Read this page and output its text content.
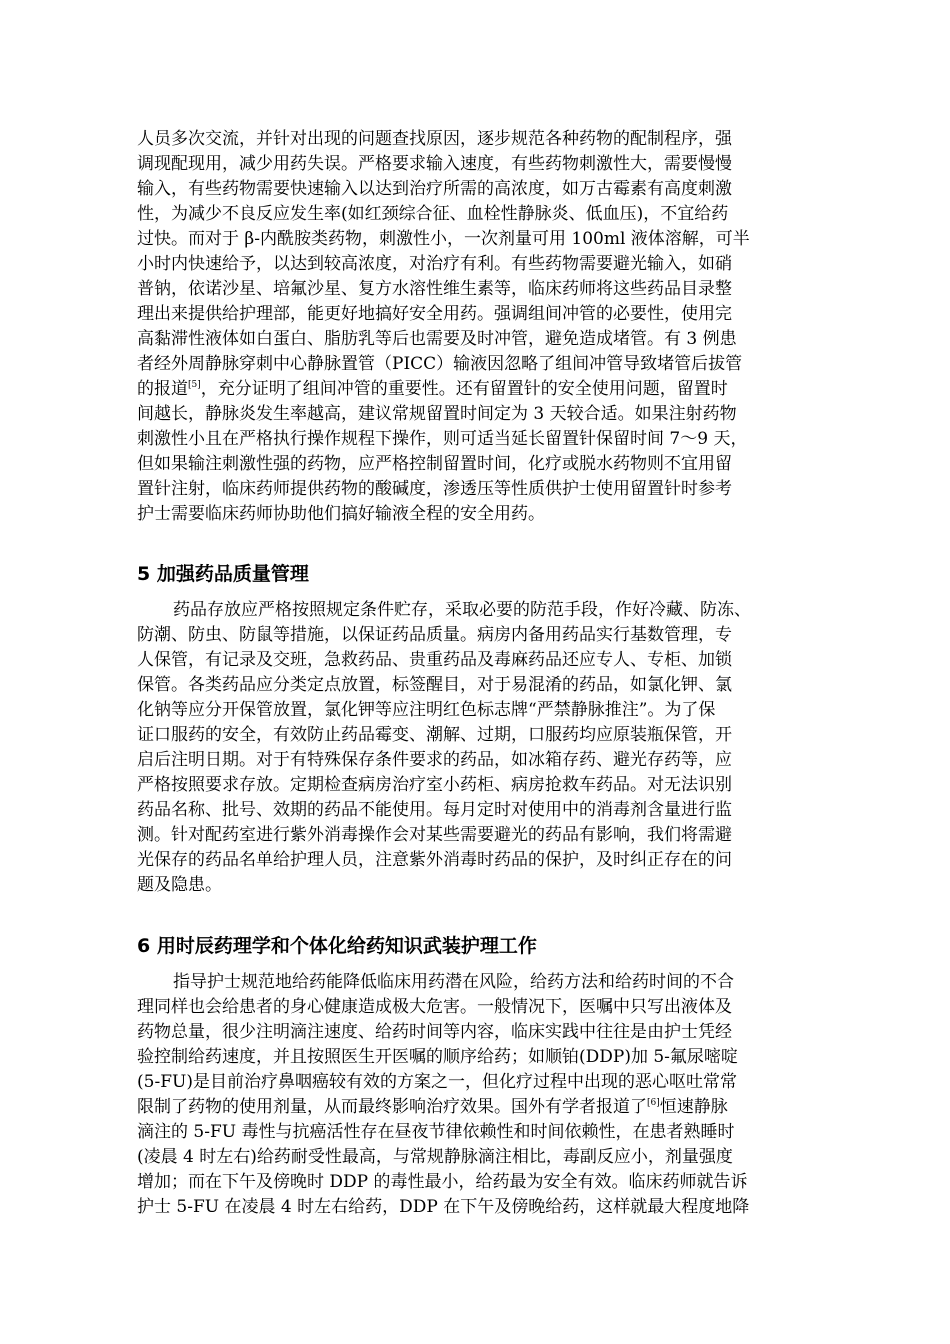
人员多次交流，并针对出现的问题查找原因，逐步规范各种药物的配制程序，强
调现配现用，减少用药失误。严格要求输入速度，有些药物刺激性大，需要慢慢
输入，有些药物需要快速输入以达到治疗所需的高浓度，如万古霉素有高度刺激
性，为减少不良反应发生率(如红颈综合征、血栓性静脉炎、低血压)，不宜给药
过快。而对于 β-内酰胺类药物，刺激性小，一次剂量可用 100ml 液体溶解，可半
小时内快速给予，以达到较高浓度，对治疗有利。有些药物需要避光输入，如硝
普钠，依诺沙星、培氟沙星、复方水溶性维生素等，临床药师将这些药品目录整
理出来提供给护理部，能更好地搞好安全用药。强调组间冲管的必要性，使用完
高黏滞性液体如白蛋白、脂肪乳等后也需要及时冲管，避免造成堵管。有 3 例患
者经外周静脉穿刺中心静脉置管（PICC）输液因忽略了组间冲管导致堵管后拔管
的报道[5]，充分证明了组间冲管的重要性。还有留置针的安全使用问题，留置时
间越长，静脉炎发生率越高，建议常规留置时间定为 3 天较合适。如果注射药物
刺激性小且在严格执行操作规程下操作，则可适当延长留置针保留时间 7～9 天，
但如果输注刺激性强的药物，应严格控制留置时间，化疗或脱水药物则不宜用留
置针注射，临床药师提供药物的酸碱度，渗透压等性质供护士使用留置针时参考
护士需要临床药师协助他们搞好输液全程的安全用药。
5 加强药品质量管理
药品存放应严格按照规定条件贮存，采取必要的防范手段，作好冷藏、防冻、
防潮、防虫、防鼠等措施，以保证药品质量。病房内备用药品实行基数管理，专
人保管，有记录及交班，急救药品、贵重药品及毒麻药品还应专人、专柜、加锁
保管。各类药品应分类定点放置，标签醒目，对于易混淆的药品，如氯化钾、氯
化钠等应分开保管放置，氯化钾等应注明红色标志牌“严禁静脉推注”。为了保
证口服药的安全，有效防止药品霉变、潮解、过期，口服药均应原装瓶保管，开
启后注明日期。对于有特殊保存条件要求的药品，如冰箱存药、避光存药等，应
严格按照要求存放。定期检查病房治疗室小药柜、病房抢救车药品。对无法识别
药品名称、批号、效期的药品不能使用。每月定时对使用中的消毒剂含量进行监
测。针对配药室进行紫外消毒操作会对某些需要避光的药品有影响，我们将需避
光保存的药品名单给护理人员，注意紫外消毒时药品的保护，及时纠正存在的问
题及隐患。
6 用时辰药理学和个体化给药知识武装护理工作
指导护士规范地给药能降低临床用药潜在风险，给药方法和给药时间的不合
理同样也会给患者的身心健康造成极大危害。一般情况下，医嘱中只写出液体及
药物总量，很少注明滴注速度、给药时间等内容，临床实践中往往是由护士凭经
验控制给药速度，并且按照医生开医嘱的顺序给药；如顺铂(DDP)加 5-氟尿嘧啶
(5-FU)是目前治疗鼻咽癌较有效的方案之一，但化疗过程中出现的恶心呕吐常常
限制了药物的使用剂量，从而最终影响治疗效果。国外有学者报道了[6]恒速静脉
滴注的 5-FU 毒性与抗癌活性存在昼夜节律依赖性和时间依赖性，在患者熟睡时
(凌晨 4 时左右)给药耐受性最高，与常规静脉滴注相比，毒副反应小，剂量强度
增加；而在下午及傍晚时 DDP 的毒性最小，给药最为安全有效。临床药师就告诉
护士 5-FU 在凌晨 4 时左右给药，DDP 在下午及傍晚给药，这样就最大程度地降
